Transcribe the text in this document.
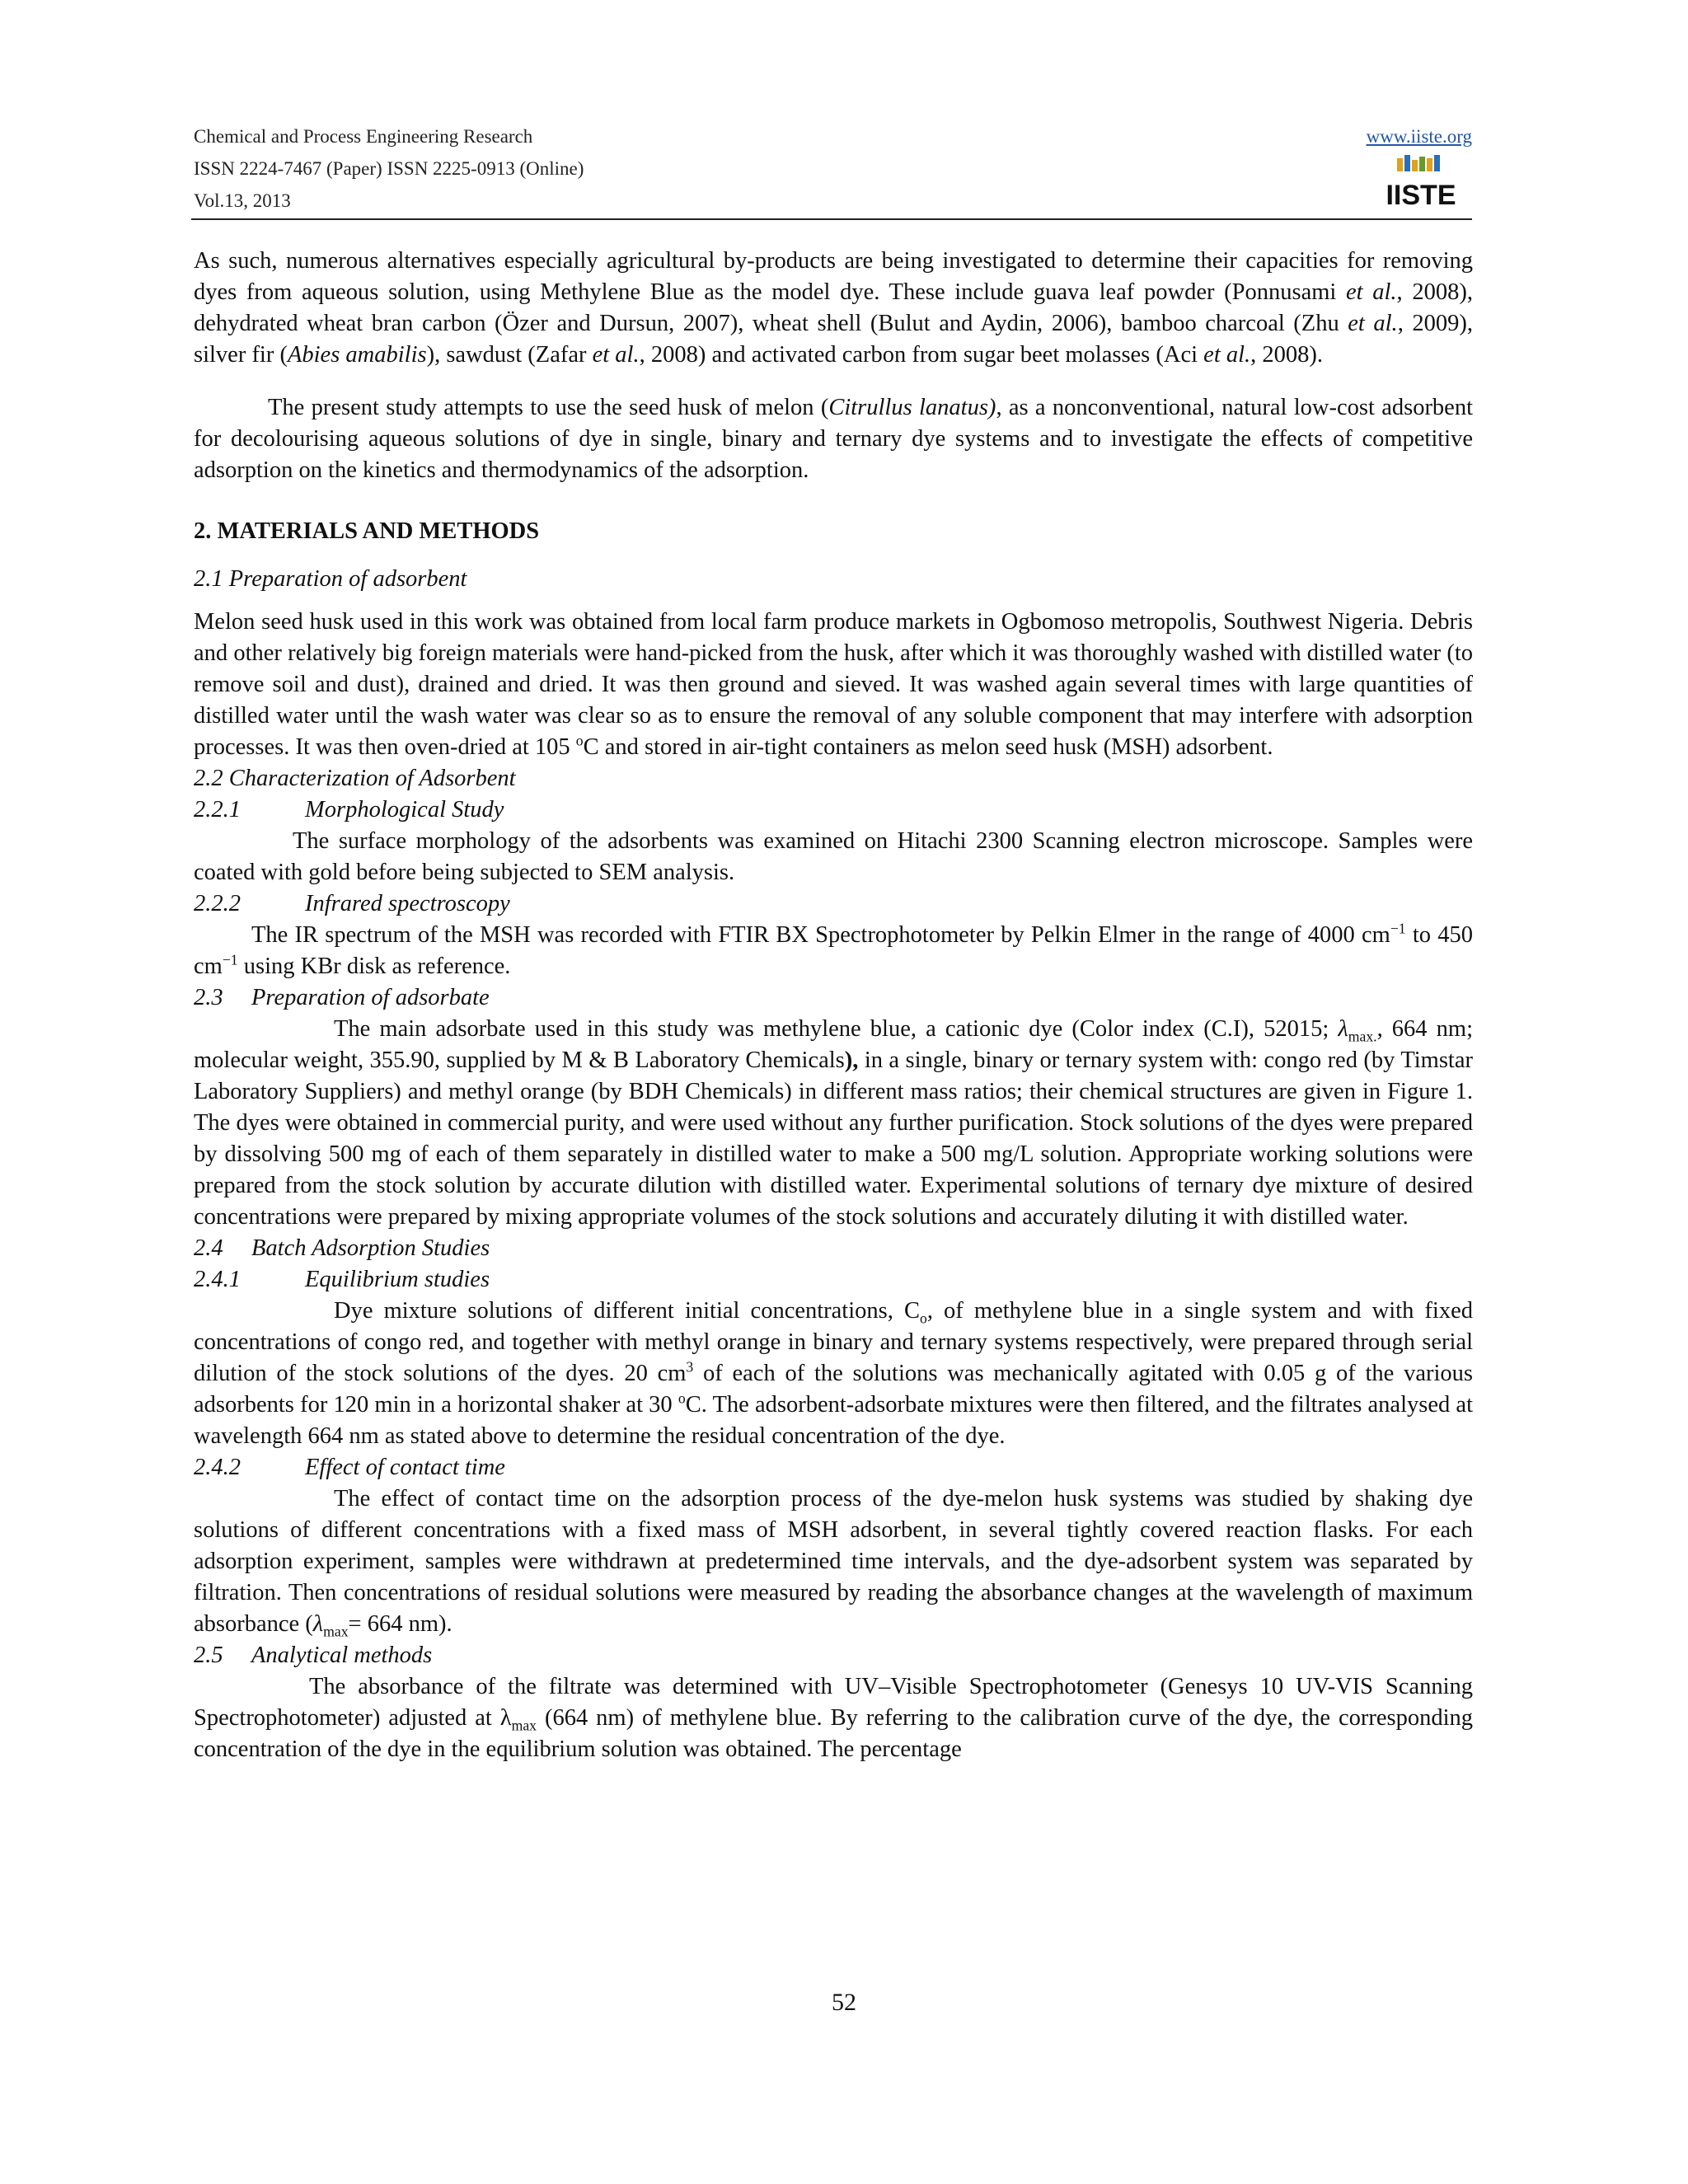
Chemical and Process Engineering Research
ISSN 2224-7467 (Paper) ISSN 2225-0913 (Online)
Vol.13, 2013
www.iiste.org
IISTE

As such, numerous alternatives especially agricultural by-products are being investigated to determine their capacities for removing dyes from aqueous solution, using Methylene Blue as the model dye. These include guava leaf powder (Ponnusami et al., 2008), dehydrated wheat bran carbon (Özer and Dursun, 2007), wheat shell (Bulut and Aydin, 2006), bamboo charcoal (Zhu et al., 2009), silver fir (Abies amabilis), sawdust (Zafar et al., 2008) and activated carbon from sugar beet molasses (Aci et al., 2008).

The present study attempts to use the seed husk of melon (Citrullus lanatus), as a nonconventional, natural low-cost adsorbent for decolourising aqueous solutions of dye in single, binary and ternary dye systems and to investigate the effects of competitive adsorption on the kinetics and thermodynamics of the adsorption.

2. MATERIALS AND METHODS

2.1 Preparation of adsorbent

Melon seed husk used in this work was obtained from local farm produce markets in Ogbomoso metropolis, Southwest Nigeria. Debris and other relatively big foreign materials were hand-picked from the husk, after which it was thoroughly washed with distilled water (to remove soil and dust), drained and dried. It was then ground and sieved. It was washed again several times with large quantities of distilled water until the wash water was clear so as to ensure the removal of any soluble component that may interfere with adsorption processes. It was then oven-dried at 105 $^o$C and stored in air-tight containers as melon seed husk (MSH) adsorbent.

2.2 Characterization of Adsorbent

2.2.1	Morphological Study

The surface morphology of the adsorbents was examined on Hitachi 2300 Scanning electron microscope. Samples were coated with gold before being subjected to SEM analysis.

2.2.2	Infrared spectroscopy

The IR spectrum of the MSH was recorded with FTIR BX Spectrophotometer by Pelkin Elmer in the range of 4000 $cm^{-1}$ to 450 $cm^{-1}$ using KBr disk as reference.

2.3 Preparation of adsorbate

The main adsorbate used in this study was methylene blue, a cationic dye (Color index (C.I), 52015; $\lambda_{max.}$, 664 nm; molecular weight, 355.90, supplied by M & B Laboratory Chemicals), in a single, binary or ternary system with: congo red (by Timstar Laboratory Suppliers) and methyl orange (by BDH Chemicals) in different mass ratios; their chemical structures are given in Figure 1. The dyes were obtained in commercial purity, and were used without any further purification. Stock solutions of the dyes were prepared by dissolving 500 mg of each of them separately in distilled water to make a 500 mg/L solution. Appropriate working solutions were prepared from the stock solution by accurate dilution with distilled water. Experimental solutions of ternary dye mixture of desired concentrations were prepared by mixing appropriate volumes of the stock solutions and accurately diluting it with distilled water.

2.4 Batch Adsorption Studies

2.4.1	Equilibrium studies

Dye mixture solutions of different initial concentrations, $C_o$, of methylene blue in a single system and with fixed concentrations of congo red, and together with methyl orange in binary and ternary systems respectively, were prepared through serial dilution of the stock solutions of the dyes. 20 $cm^3$ of each of the solutions was mechanically agitated with 0.05 g of the various adsorbents for 120 min in a horizontal shaker at 30 $^o$C. The adsorbent-adsorbate mixtures were then filtered, and the filtrates analysed at wavelength 664 nm as stated above to determine the residual concentration of the dye.

2.4.2	Effect of contact time

The effect of contact time on the adsorption process of the dye-melon husk systems was studied by shaking dye solutions of different concentrations with a fixed mass of MSH adsorbent, in several tightly covered reaction flasks. For each adsorption experiment, samples were withdrawn at predetermined time intervals, and the dye-adsorbent system was separated by filtration. Then concentrations of residual solutions were measured by reading the absorbance changes at the wavelength of maximum absorbance ($\lambda_{max}= 664$ nm).

2.5 Analytical methods

The absorbance of the filtrate was determined with UV–Visible Spectrophotometer (Genesys 10 UV-VIS Scanning Spectrophotometer) adjusted at $\lambda_{max}$ (664 nm) of methylene blue. By referring to the calibration curve of the dye, the corresponding concentration of the dye in the equilibrium solution was obtained. The percentage

52
